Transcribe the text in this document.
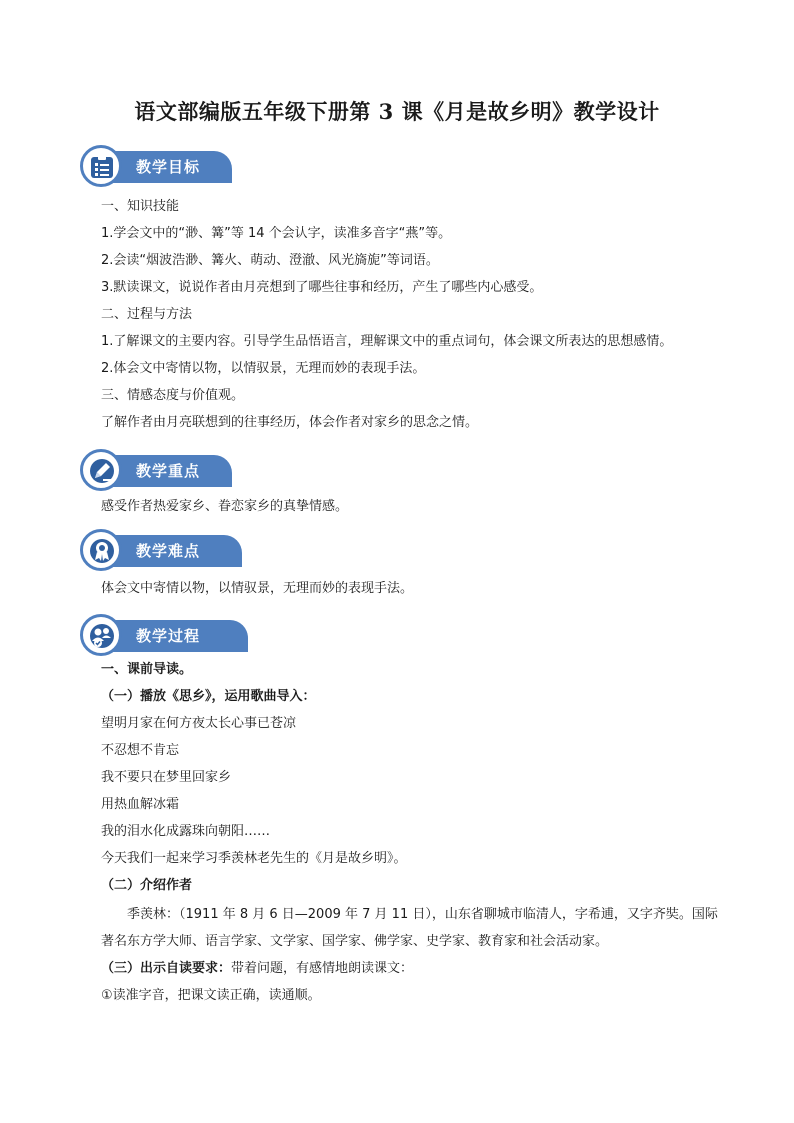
语文部编版五年级下册第 3 课《月是故乡明》教学设计
教学目标
一、知识技能
1.学会文中的“渺、篝”等 14 个会认字，读准多音字“燕”等。
2.会读“烟波浩渺、篝火、萌动、澄澈、风光旖旎”等词语。
3.默读课文，说说作者由月亮想到了哪些往事和经历，产生了哪些内心感受。
二、过程与方法
1.了解课文的主要内容。引导学生品悟语言，理解课文中的重点词句，体会课文所表达的思想感情。
2.体会文中寄情以物，以情驭景，无理而妙的表现手法。
三、情感态度与价值观。
了解作者由月亮联想到的往事经历，体会作者对家乡的思念之情。
教学重点
感受作者热爱家乡、眷恋家乡的真挚情感。
教学难点
体会文中寄情以物，以情驭景，无理而妙的表现手法。
教学过程
一、课前导读。
（一）播放《思乡》，运用歌曲导入：
望明月家在何方夜太长心事已苍凉
不忍想不肯忘
我不要只在梦里回家乡
用热血解冰霜
我的泪水化成露珠向朝阳……
今天我们一起来学习季羡林老先生的《月是故乡明》。
（二）介绍作者
季羡林：（1911 年 8 月 6 日—2009 年 7 月 11 日），山东省聊城市临清人，字希逋，又字齐奘。国际著名东方学大师、语言学家、文学家、国学家、佛学家、史学家、教育家和社会活动家。
（三）出示自读要求：带着问题，有感情地朗读课文：
①读准字音，把课文读正确，读通顺。
